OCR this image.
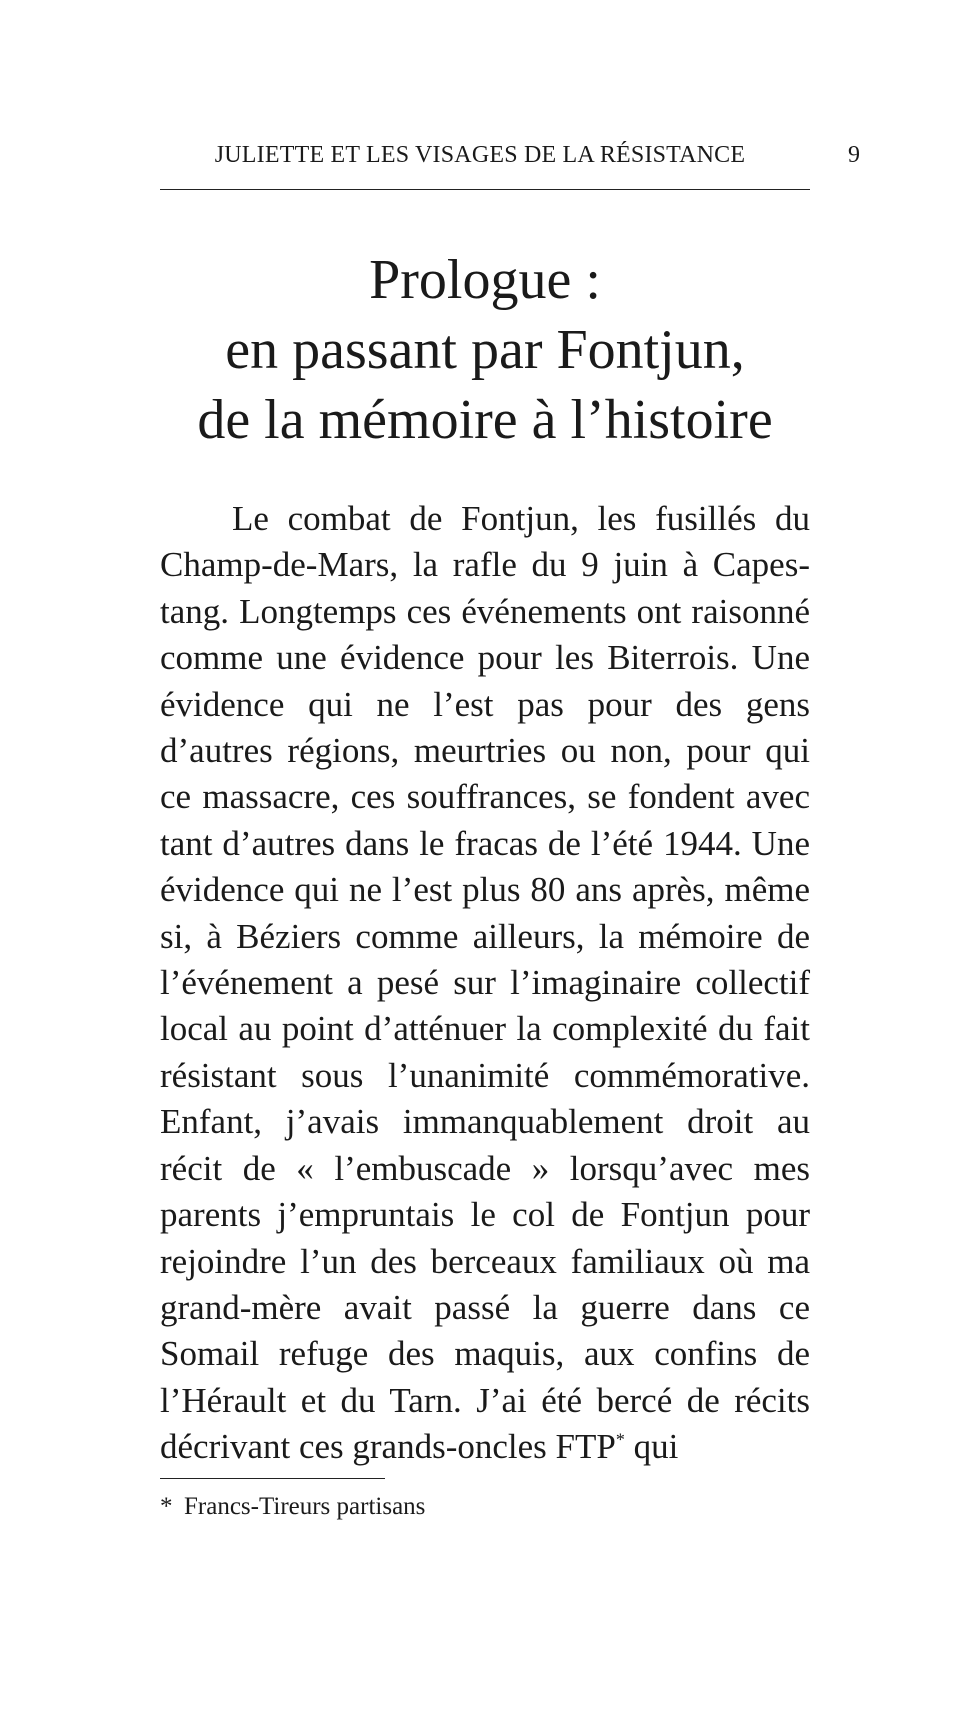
JULIETTE ET LES VISAGES DE LA RÉSISTANCE	9
Prologue :
en passant par Fontjun,
de la mémoire à l’histoire

Le combat de Fontjun, les fusillés du Champ-de-Mars, la rafle du 9 juin à Capestang. Longtemps ces événements ont raisonné comme une évidence pour les Biterrois. Une évidence qui ne l’est pas pour des gens d’autres régions, meurtries ou non, pour qui ce massacre, ces souffrances, se fondent avec tant d’autres dans le fracas de l’été 1944. Une évidence qui ne l’est plus 80 ans après, même si, à Béziers comme ailleurs, la mémoire de l’événement a pesé sur l’imaginaire collectif local au point d’atténuer la complexité du fait résistant sous l’unanimité commémorative. Enfant, j’avais immanquablement droit au récit de « l’embuscade » lorsqu’avec mes parents j’empruntais le col de Fontjun pour rejoindre l’un des berceaux familiaux où ma grand-mère avait passé la guerre dans ce Somail refuge des maquis, aux confins de l’Hérault et du Tarn. J’ai été bercé de récits décrivant ces grands-oncles FTP* qui

* Francs-Tireurs partisans
